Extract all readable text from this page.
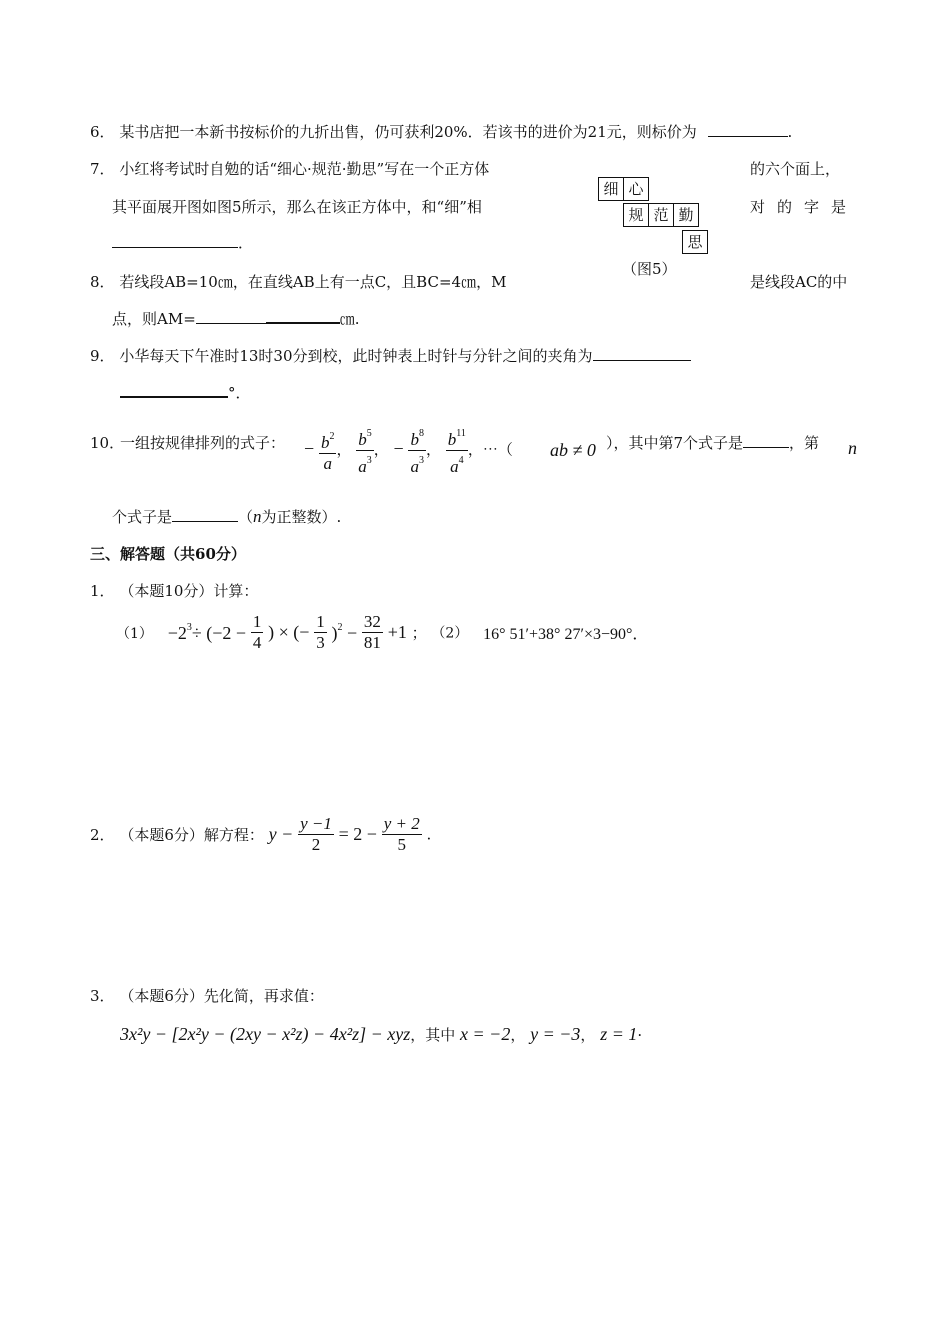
6． 某书店把一本新书按标价的九折出售，仍可获利20%．若该书的进价为21元，则标价为	.
7． 小红将考试时自勉的话“细心·规范·勤思”写在一个正方体	的六个面上，
其平面展开图如图5所示，那么在该正方体中，和“细”相	对的字是
．
细 心
规 范 勤
思
（图5）
8． 若线段AB=10㎝，在直线AB上有一点C，且BC=4㎝，M	是线段AC的中
点，则AM=	㎝.
9． 小华每天下午准时13时30分到校，此时钟表上时针与分针之间的夹角为
°．
10．
一组按规律排列的式子： − $\frac{b^2}{a}$ ， $\frac{b^5}{a^3}$ ， − $\frac{b^8}{a^3}$ ， $\frac{b^{11}}{a^4}$ ，⋯（ ab ≠ 0 ），其中第7个式子是	，第 n
个式子是	（n为正整数）.
三、解答题（共60分）
1． （本题10分）计算：
$(1) -2^3\div (-2 - \frac{1}{4}$ ) × (− $\frac{1}{3} )^2 - \frac{32}{81} +1$ ； （2） 16° 51′+38° 27′×3−90°．
2． （本题6分）解方程： $y - \frac{y -1}{2} = 2 - \frac{y + 2}{5}$ .
3． （本题6分）先化简，再求值：
3x²y − [2x²y − (2xy − x²z) − 4x²z] − xyz，其中 x = −2， y = −3， z = 1·
